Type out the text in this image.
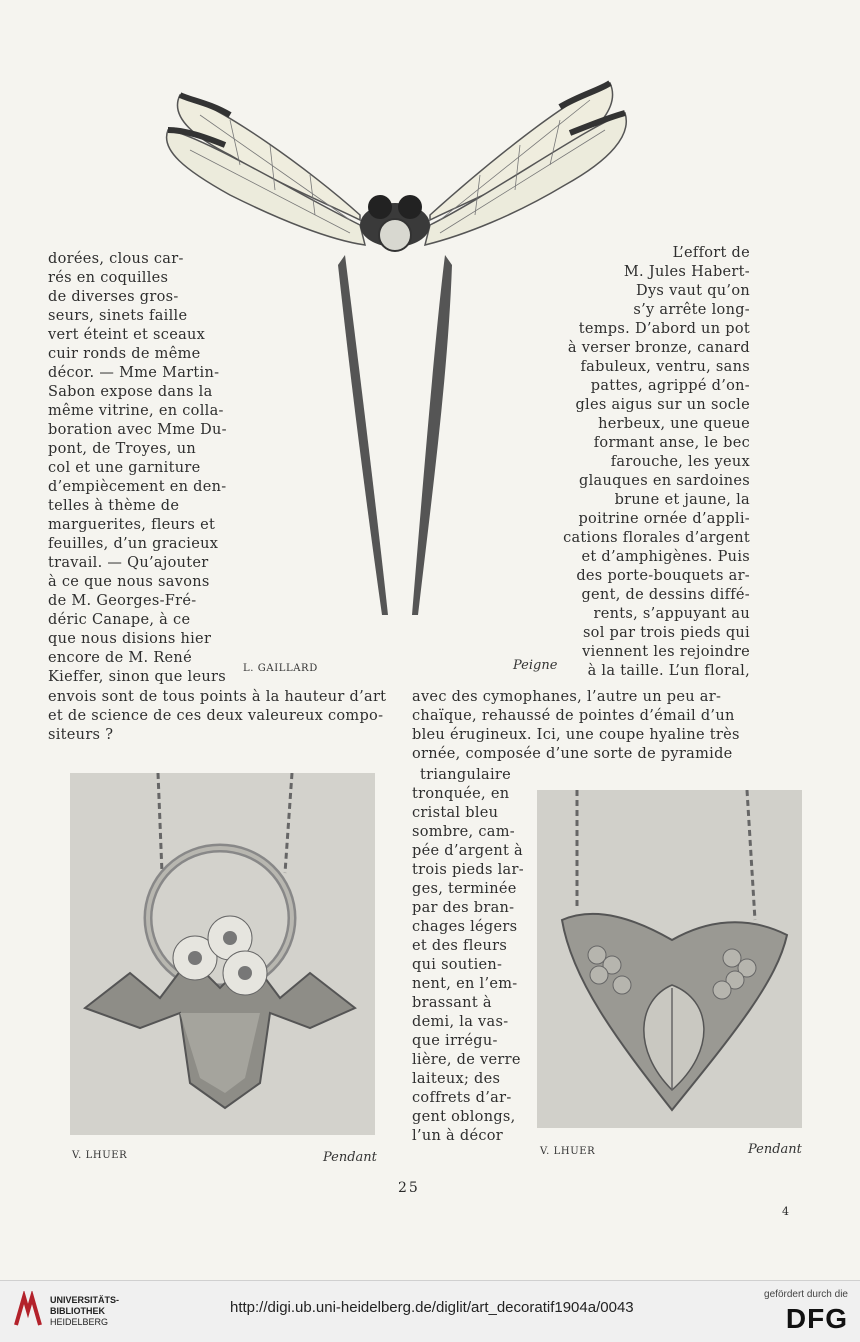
L. GAILLARD	Peigne
dorées, clous car-
rés en coquilles
de diverses gros-
seurs, sinets faille
vert éteint et sceaux
cuir ronds de même
décor. — Mme Martin-
Sabon expose dans la
même vitrine, en colla-
boration avec Mme Du-
pont, de Troyes, un
col et une garniture
d’empiècement en den-
telles à thème de
marguerites, fleurs et
feuilles, d’un gracieux
travail. — Qu’ajouter
à ce que nous savons
de M. Georges-Fré-
déric Canape, à ce
que nous disions hier
encore de M. René
Kieffer, sinon que leurs
L’effort de
M. Jules Habert-
Dys vaut qu’on
s’y arrête long-
temps. D’abord un pot
à verser bronze, canard
fabuleux, ventru, sans
pattes, agrippé d’on-
gles aigus sur un socle
herbeux, une queue
formant anse, le bec
farouche, les yeux
glauques en sardoines
brune et jaune, la
poitrine ornée d’appli-
cations florales d’argent
et d’amphigènes. Puis
des porte-bouquets ar-
gent, de dessins diffé-
rents, s’appuyant au
sol par trois pieds qui
viennent les rejoindre
à la taille. L’un floral,
envois sont de tous points à la hauteur d’art
et de science de ces deux valeureux compo-
siteurs ?
avec des cymophanes, l’autre un peu ar-
chaïque, rehaussé de pointes d’émail d’un
bleu érugineux. Ici, une coupe hyaline très
ornée, composée d’une sorte de pyramide
triangulaire
tronquée, en
cristal bleu
sombre, cam-
pée d’argent à
trois pieds lar-
ges, terminée
par des bran-
chages légers
et des fleurs
qui soutien-
nent, en l’em-
brassant à
demi, la vas-
que irrégu-
lière, de verre
laiteux; des
coffrets d’ar-
gent oblongs,
l’un à décor
V. LHUER	Pendant	V. LHUER	Pendant
25
4
UNIVERSITÄTS-
BIBLIOTHEK
HEIDELBERG
http://digi.ub.uni-heidelberg.de/diglit/art_decoratif1904a/0043
gefördert durch die
DFG
